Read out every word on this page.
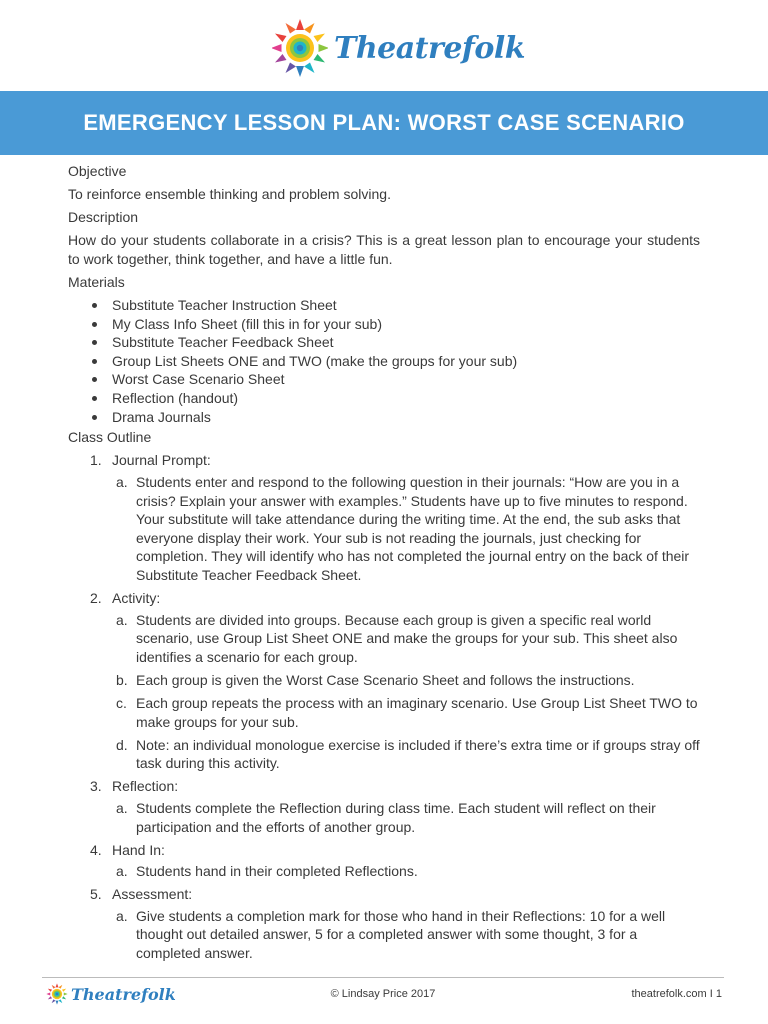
Theatrefolk
EMERGENCY LESSON PLAN: WORST CASE SCENARIO

Objective

To reinforce ensemble thinking and problem solving.

Description

How do your students collaborate in a crisis? This is a great lesson plan to encourage your students to work together, think together, and have a little fun.

Materials

Substitute Teacher Instruction Sheet
My Class Info Sheet (fill this in for your sub)
Substitute Teacher Feedback Sheet
Group List Sheets ONE and TWO (make the groups for your sub)
Worst Case Scenario Sheet
Reflection (handout)
Drama Journals

Class Outline

1. Journal Prompt:
a. Students enter and respond to the following question in their journals: “How are you in a crisis? Explain your answer with examples.” Students have up to five minutes to respond. Your substitute will take attendance during the writing time. At the end, the sub asks that everyone display their work. Your sub is not reading the journals, just checking for completion. They will identify who has not completed the journal entry on the back of their Substitute Teacher Feedback Sheet.
2. Activity:
a. Students are divided into groups. Because each group is given a specific real world scenario, use Group List Sheet ONE and make the groups for your sub. This sheet also identifies a scenario for each group.
b. Each group is given the Worst Case Scenario Sheet and follows the instructions.
c. Each group repeats the process with an imaginary scenario. Use Group List Sheet TWO to make groups for your sub.
d. Note: an individual monologue exercise is included if there’s extra time or if groups stray off task during this activity.
3. Reflection:
a. Students complete the Reflection during class time. Each student will reflect on their participation and the efforts of another group.
4. Hand In:
a. Students hand in their completed Reflections.
5. Assessment:
a. Give students a completion mark for those who hand in their Reflections: 10 for a well thought out detailed answer, 5 for a completed answer with some thought, 3 for a completed answer.
Theatrefolk	© Lindsay Price 2017	theatrefolk.com I 1
